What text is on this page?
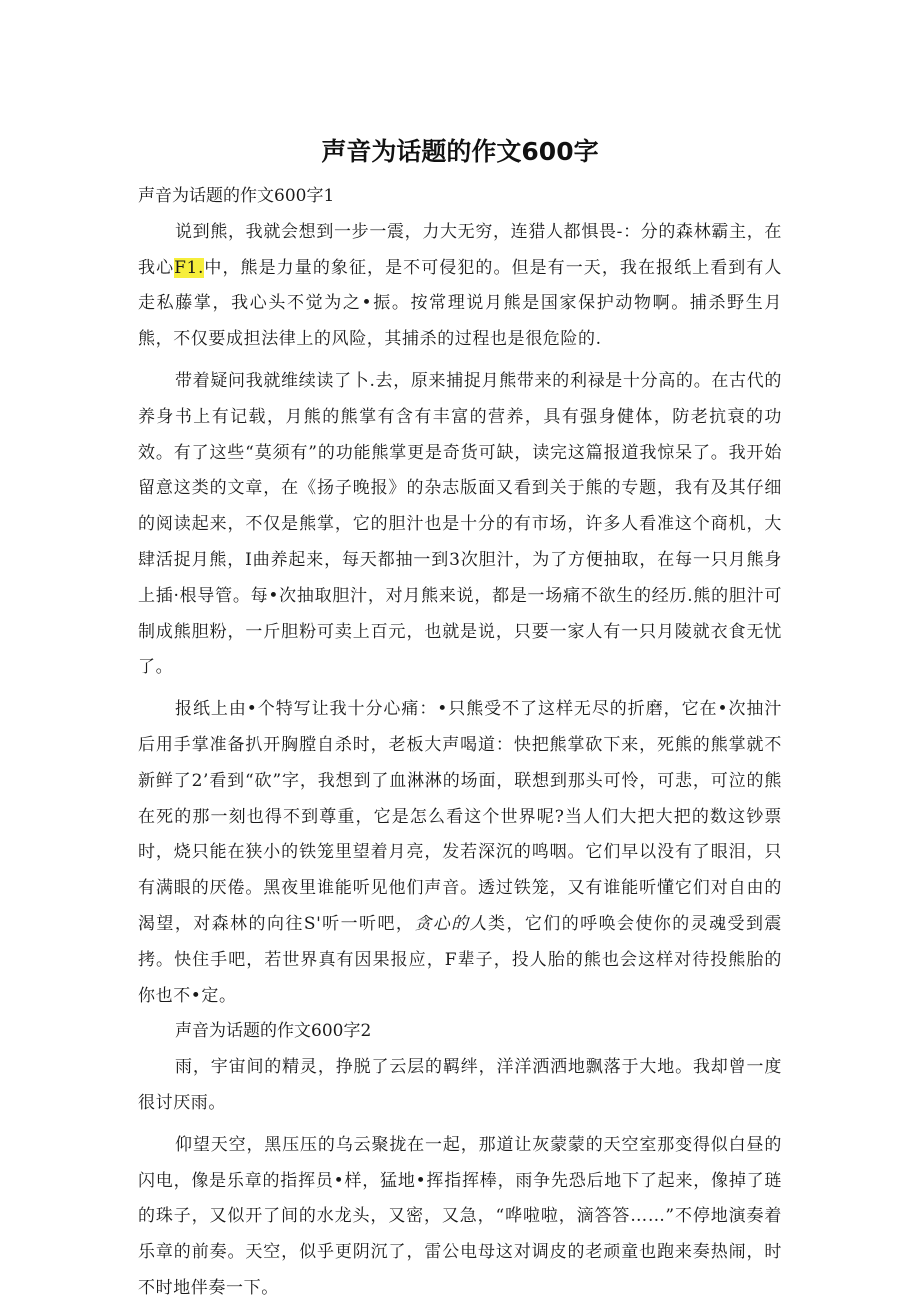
声音为话题的作文600字

声音为话题的作文600字1

说到熊，我就会想到一步一震，力大无穷，连猎人都惧畏-：分的森林霸主，在我心F1.中，熊是力量的象征，是不可侵犯的。但是有一天，我在报纸上看到有人走私藤掌，我心头不觉为之•振。按常理说月熊是国家保护动物啊。捕杀野生月熊，不仅要成担法律上的风险，其捕杀的过程也是很危险的.

带着疑问我就维续读了卜.去，原来捕捉月熊带来的利禄是十分高的。在古代的养身书上有记载，月熊的熊掌有含有丰富的营养，具有强身健体，防老抗衰的功效。有了这些“莫须有”的功能熊掌更是奇货可缺，读完这篇报道我惊呆了。我开始留意这类的文章，在《扬子晚报》的杂志版面又看到关于熊的专题，我有及其仔细的阅读起来，不仅是熊掌，它的胆汁也是十分的有市场，许多人看准这个商机，大肆活捉月熊，I曲养起来，每天都抽一到3次胆汁，为了方便抽取，在每一只月熊身上插·根导管。每•次抽取胆汁，对月熊来说，都是一场痛不欲生的经历.熊的胆汁可制成熊胆粉，一斤胆粉可卖上百元，也就是说，只要一家人有一只月陵就衣食无忧了。

报纸上由•个特写让我十分心痛：•只熊受不了这样无尽的折磨，它在•次抽汁后用手掌准备扒开胸膛自杀时，老板大声喝道：快把熊掌砍下来，死熊的熊掌就不新鲜了2’看到“砍”字，我想到了血淋淋的场面，联想到那头可怜，可悲，可泣的熊在死的那一刻也得不到尊重，它是怎么看这个世界呢?当人们大把大把的数这钞票时，烧只能在狭小的铁笼里望着月亮，发若深沉的鸣咽。它们早以没有了眼泪，只有满眼的厌倦。黑夜里谁能听见他们声音。透过铁笼，又有谁能听懂它们对自由的渴望，对森林的向往S'听一听吧，贪心的人类，它们的呼唤会使你的灵魂受到震拷。快住手吧，若世界真有因果报应，F辈子，投人胎的熊也会这样对待投熊胎的你也不•定。

声音为话题的作文600字2

雨，宇宙间的精灵，挣脱了云层的羁绊，洋洋洒洒地飘落于大地。我却曾一度很讨厌雨。

仰望天空，黑压压的乌云聚拢在一起，那道让灰蒙蒙的天空室那变得似白昼的闪电，像是乐章的指挥员•样，猛地•挥指挥棒，雨争先恐后地下了起来，像掉了琏的珠子，又似开了间的水龙头，又密，又急，“哗啦啦，滴答答……”不停地演奏着乐章的前奏。天空，似乎更阴沉了，雷公电母这对调皮的老顽童也跑来奏热闹，时不时地伴奏一下。
